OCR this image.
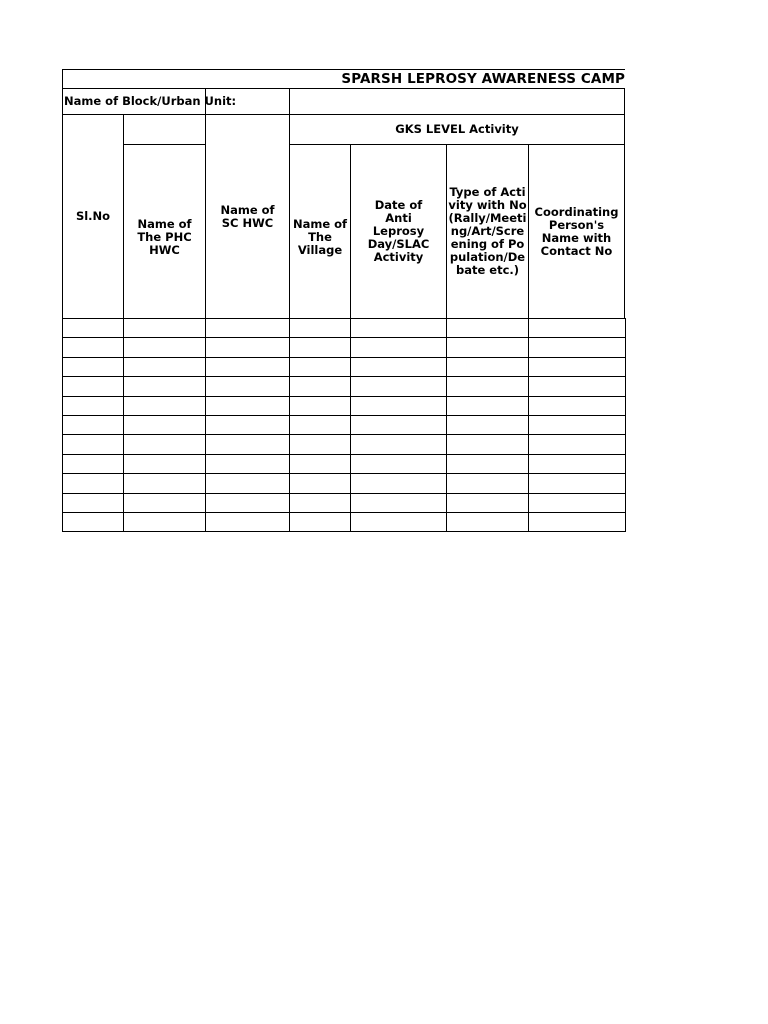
SPARSH LEPROSY AWARENESS CAMP
Name of Block/Urban Unit:
Sl.No
Name of The PHC HWC
Name of SC HWC
GKS LEVEL Activity
Name of The Village
Date of Anti Leprosy Day/SLAC Activity
Type of Activity with No(Rally/Meeting/Art/Screening of Population/Debate etc.)
Coordinating Person's Name with Contact No
